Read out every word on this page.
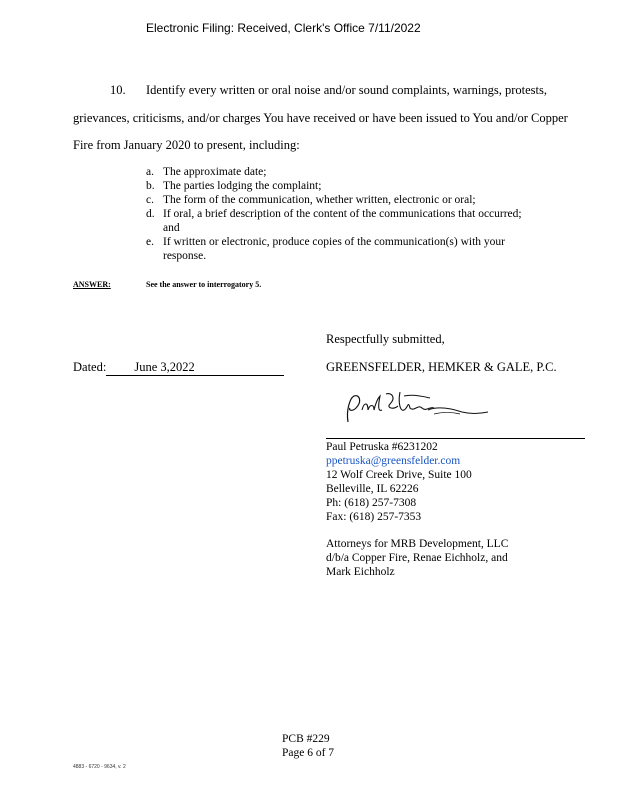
Electronic Filing: Received, Clerk's Office 7/11/2022
10. Identify every written or oral noise and/or sound complaints, warnings, protests,
grievances, criticisms, and/or charges You have received or have been issued to You and/or Copper
Fire from January 2020 to present, including:
a. The approximate date;
b. The parties lodging the complaint;
c. The form of the communication, whether written, electronic or oral;
d. If oral, a brief description of the content of the communications that occurred;
and
e. If written or electronic, produce copies of the communication(s) with your
response.
ANSWER:	See the answer to interrogatory 5.
Respectfully submitted,
Dated: June 3,2022	GREENSFELDER, HEMKER & GALE, P.C.
Paul Petruska #6231202
ppetruska@greensfelder.com
12 Wolf Creek Drive, Suite 100
Belleville, IL 62226
Ph: (618) 257-7308
Fax: (618) 257-7353
Attorneys for MRB Development, LLC
d/b/a Copper Fire, Renae Eichholz, and
Mark Eichholz
PCB #229
Page 6 of 7
4883 - 6720 - 9634, v. 2
